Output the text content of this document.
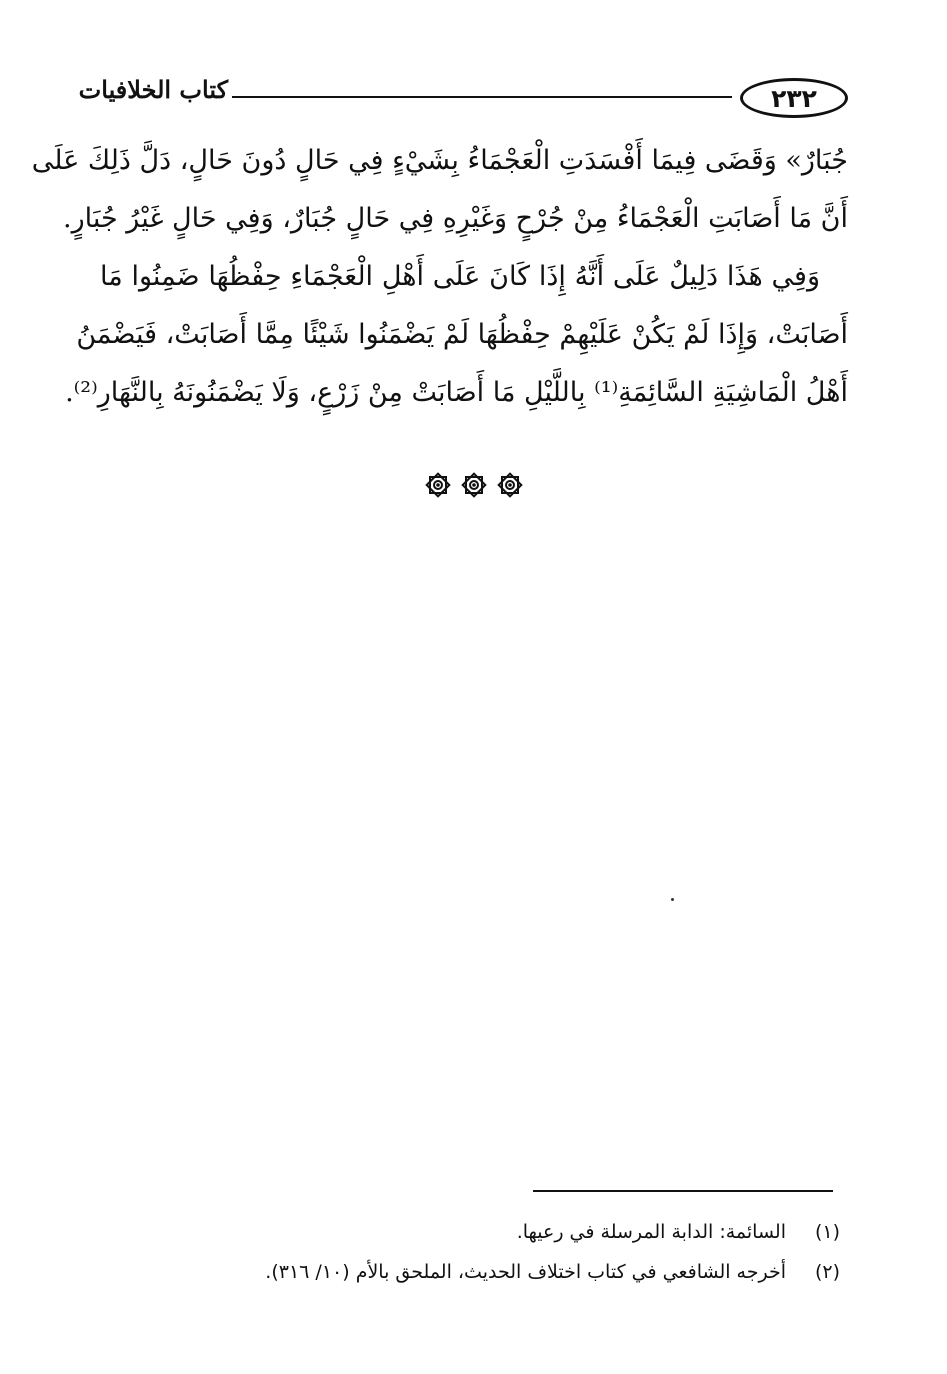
٢٣٢
كتاب الخلافيات
جُبَارٌ» وَقَضَى فِيمَا أَفْسَدَتِ الْعَجْمَاءُ بِشَيْءٍ فِي حَالٍ دُونَ حَالٍ، دَلَّ ذَلِكَ عَلَى
أَنَّ مَا أَصَابَتِ الْعَجْمَاءُ مِنْ جُرْحٍ وَغَيْرِهِ فِي حَالٍ جُبَارٌ، وَفِي حَالٍ غَيْرُ جُبَارٍ.
وَفِي هَذَا دَلِيلٌ عَلَى أَنَّهُ إِذَا كَانَ عَلَى أَهْلِ الْعَجْمَاءِ حِفْظُهَا ضَمِنُوا مَا
أَصَابَتْ، وَإِذَا لَمْ يَكُنْ عَلَيْهِمْ حِفْظُهَا لَمْ يَضْمَنُوا شَيْئًا مِمَّا أَصَابَتْ، فَيَضْمَنُ
أَهْلُ الْمَاشِيَةِ السَّائِمَةِ⁽¹⁾ بِاللَّيْلِ مَا أَصَابَتْ مِنْ زَرْعٍ، وَلَا يَضْمَنُونَهُ بِالنَّهَارِ⁽²⁾.
(١)
السائمة: الدابة المرسلة في رعيها.
(٢)
أخرجه الشافعي في كتاب اختلاف الحديث، الملحق بالأم (١٠/ ٣١٦).
